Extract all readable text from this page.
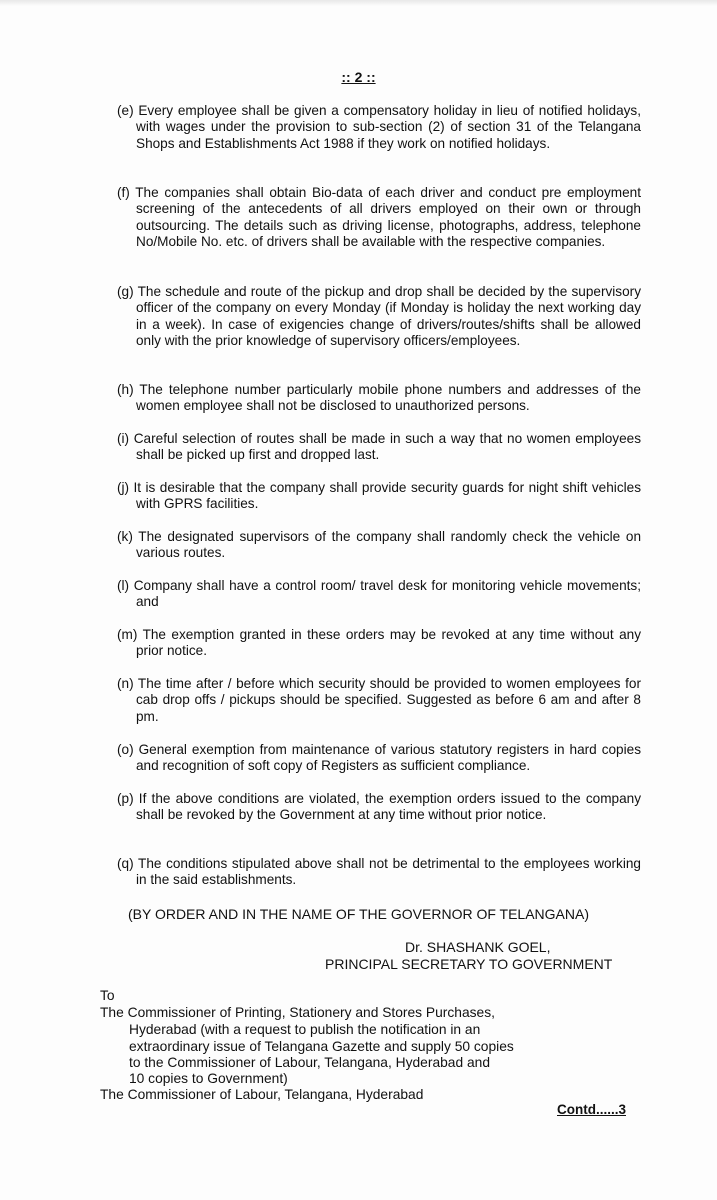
:: 2 ::
(e) Every employee shall be given a compensatory holiday in lieu of notified holidays, with wages under the provision to sub-section (2) of section 31 of the Telangana Shops and Establishments Act 1988 if they work on notified holidays.
(f) The companies shall obtain Bio-data of each driver and conduct pre employment screening of the antecedents of all drivers employed on their own or through outsourcing. The details such as driving license, photographs, address, telephone No/Mobile No. etc. of drivers shall be available with the respective companies.
(g) The schedule and route of the pickup and drop shall be decided by the supervisory officer of the company on every Monday (if Monday is holiday the next working day in a week). In case of exigencies change of drivers/routes/shifts shall be allowed only with the prior knowledge of supervisory officers/employees.
(h) The telephone number particularly mobile phone numbers and addresses of the women employee shall not be disclosed to unauthorized persons.
(i) Careful selection of routes shall be made in such a way that no women employees shall be picked up first and dropped last.
(j) It is desirable that the company shall provide security guards for night shift vehicles with GPRS facilities.
(k) The designated supervisors of the company shall randomly check the vehicle on various routes.
(l) Company shall have a control room/ travel desk for monitoring vehicle movements; and
(m) The exemption granted in these orders may be revoked at any time without any prior notice.
(n) The time after / before which security should be provided to women employees for cab drop offs / pickups should be specified. Suggested as before 6 am and after 8 pm.
(o) General exemption from maintenance of various statutory registers in hard copies and recognition of soft copy of Registers as sufficient compliance.
(p) If the above conditions are violated, the exemption orders issued to the company shall be revoked by the Government at any time without prior notice.
(q) The conditions stipulated above shall not be detrimental to the employees working in the said establishments.
(BY ORDER AND IN THE NAME OF THE GOVERNOR OF TELANGANA)
Dr. SHASHANK GOEL,
PRINCIPAL SECRETARY TO GOVERNMENT
To
The Commissioner of Printing, Stationery and Stores Purchases,
Hyderabad (with a request to publish the notification in an
extraordinary issue of Telangana Gazette and supply 50 copies
to the Commissioner of Labour, Telangana, Hyderabad and
10 copies to Government)
The Commissioner of Labour, Telangana, Hyderabad
Contd......3
